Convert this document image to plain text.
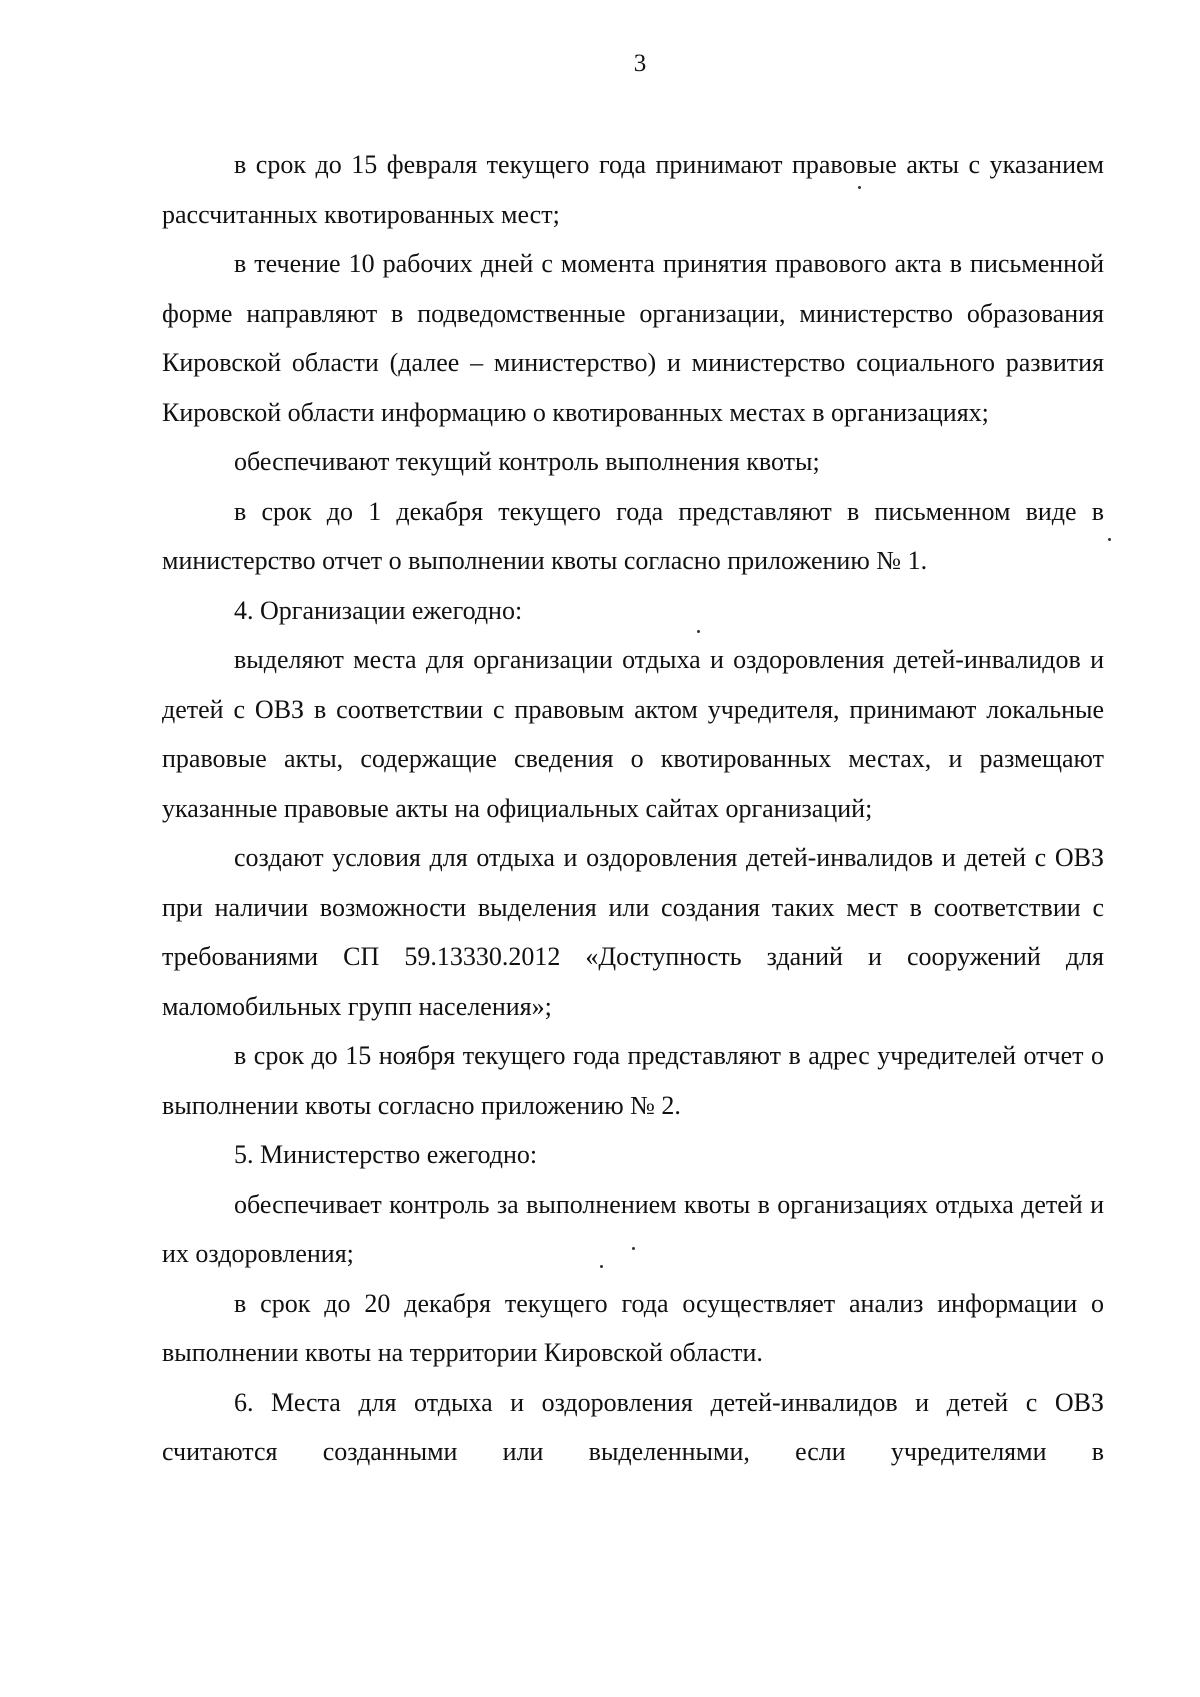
3

в срок до 15 февраля текущего года принимают правовые акты с указанием рассчитанных квотированных мест;

в течение 10 рабочих дней с момента принятия правового акта в письменной форме направляют в подведомственные организации, министерство образования Кировской области (далее – министерство) и министерство социального развития Кировской области информацию о квотированных местах в организациях;

обеспечивают текущий контроль выполнения квоты;

в срок до 1 декабря текущего года представляют в письменном виде в министерство отчет о выполнении квоты согласно приложению № 1.

4. Организации ежегодно:

выделяют места для организации отдыха и оздоровления детей-инвалидов и детей с ОВЗ в соответствии с правовым актом учредителя, принимают локальные правовые акты, содержащие сведения о квотированных местах, и размещают указанные правовые акты на официальных сайтах организаций;

создают условия для отдыха и оздоровления детей-инвалидов и детей с ОВЗ при наличии возможности выделения или создания таких мест в соответствии с требованиями СП 59.13330.2012 «Доступность зданий и сооружений для маломобильных групп населения»;

в срок до 15 ноября текущего года представляют в адрес учредителей отчет о выполнении квоты согласно приложению № 2.

5. Министерство ежегодно:

обеспечивает контроль за выполнением квоты в организациях отдыха детей и их оздоровления;

в срок до 20 декабря текущего года осуществляет анализ информации о выполнении квоты на территории Кировской области.

6. Места для отдыха и оздоровления детей-инвалидов и детей с ОВЗ считаются созданными или выделенными, если учредителями в
